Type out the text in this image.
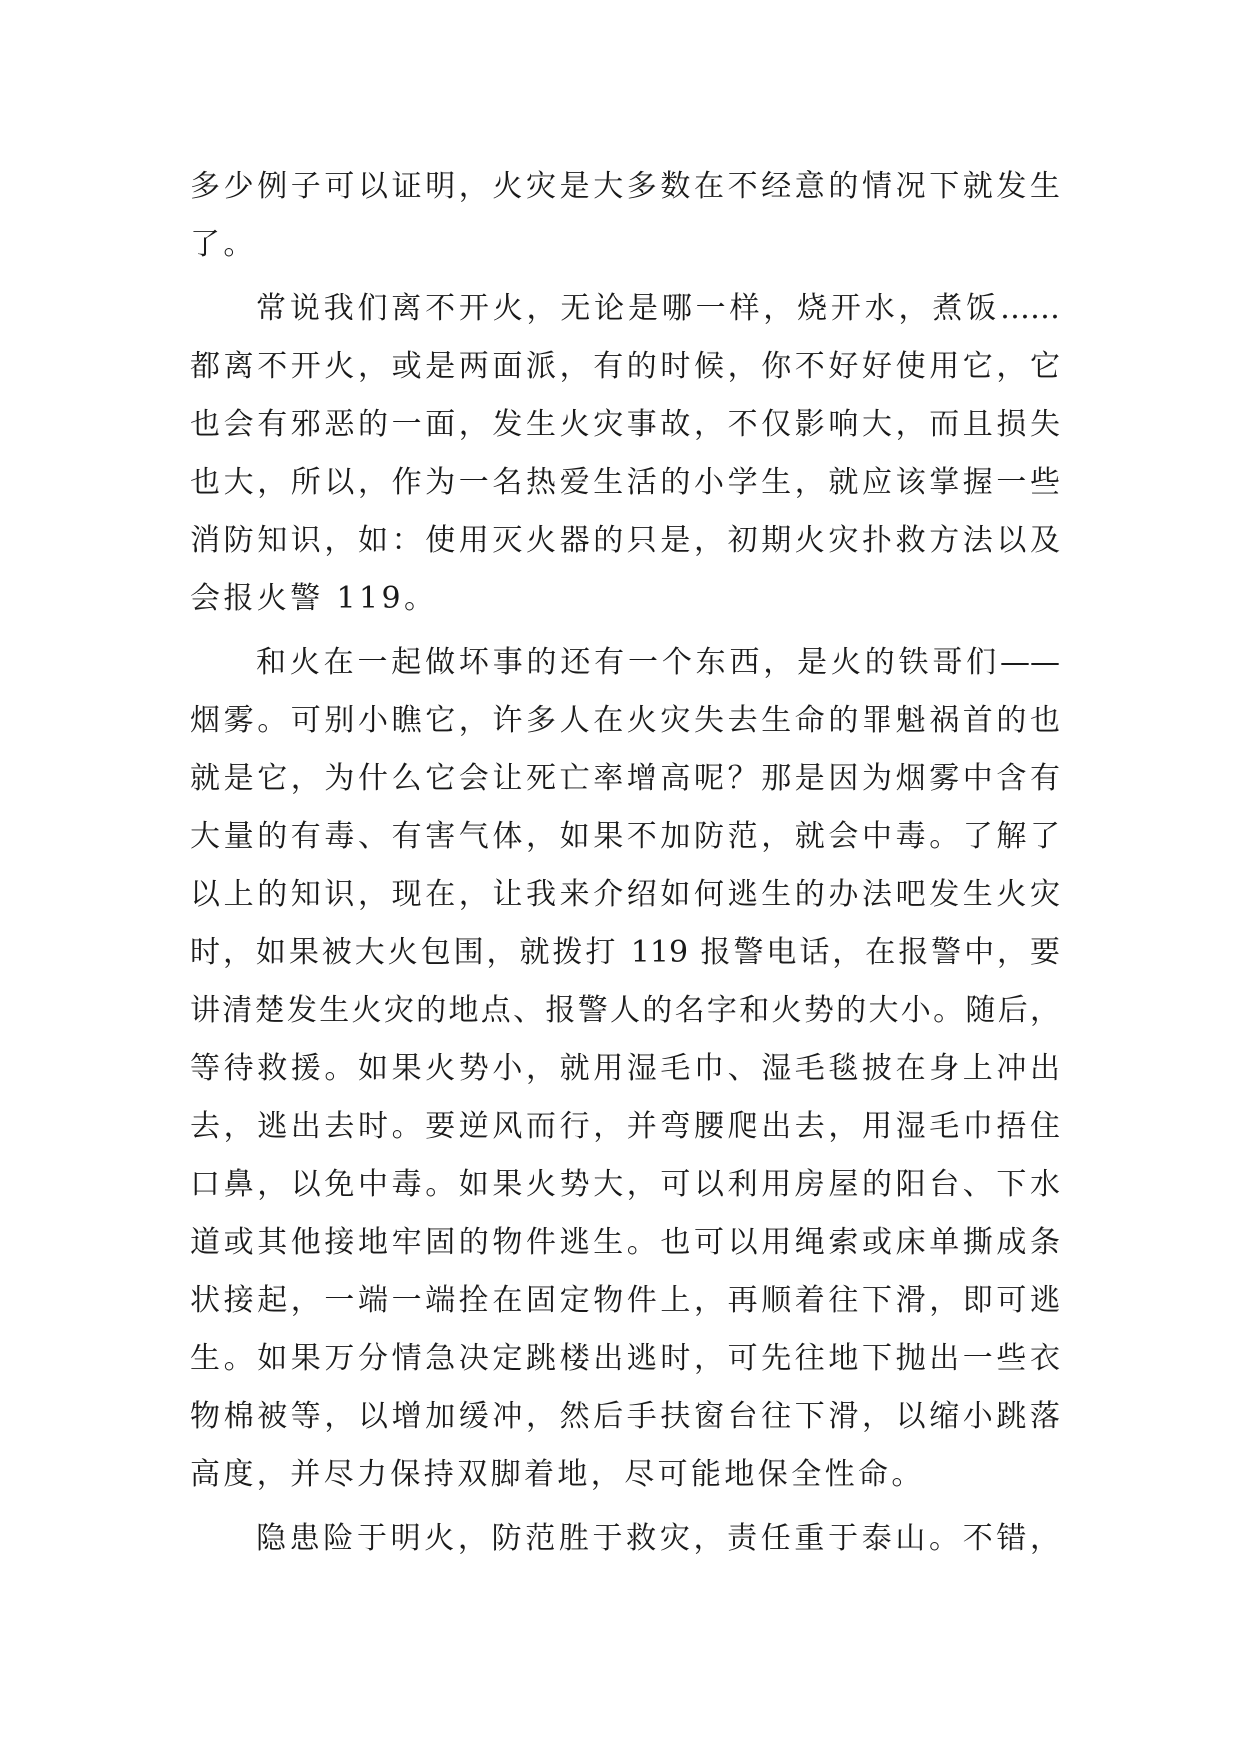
多少例子可以证明，火灾是大多数在不经意的情况下就发生
了。
常说我们离不开火，无论是哪一样，烧开水，煮饭……
都离不开火，或是两面派，有的时候，你不好好使用它，它
也会有邪恶的一面，发生火灾事故，不仅影响大，而且损失
也大，所以，作为一名热爱生活的小学生，就应该掌握一些
消防知识，如：使用灭火器的只是，初期火灾扑救方法以及
会报火警 119。
和火在一起做坏事的还有一个东西，是火的铁哥们——
烟雾。可别小瞧它，许多人在火灾失去生命的罪魁祸首的也
就是它，为什么它会让死亡率增高呢？那是因为烟雾中含有
大量的有毒、有害气体，如果不加防范，就会中毒。了解了
以上的知识，现在，让我来介绍如何逃生的办法吧发生火灾
时，如果被大火包围，就拨打 119 报警电话，在报警中，要
讲清楚发生火灾的地点、报警人的名字和火势的大小。随后，
等待救援。如果火势小，就用湿毛巾、湿毛毯披在身上冲出
去，逃出去时。要逆风而行，并弯腰爬出去，用湿毛巾捂住
口鼻，以免中毒。如果火势大，可以利用房屋的阳台、下水
道或其他接地牢固的物件逃生。也可以用绳索或床单撕成条
状接起，一端一端拴在固定物件上，再顺着往下滑，即可逃
生。如果万分情急决定跳楼出逃时，可先往地下抛出一些衣
物棉被等，以增加缓冲，然后手扶窗台往下滑，以缩小跳落
高度，并尽力保持双脚着地，尽可能地保全性命。
隐患险于明火，防范胜于救灾，责任重于泰山。不错，
